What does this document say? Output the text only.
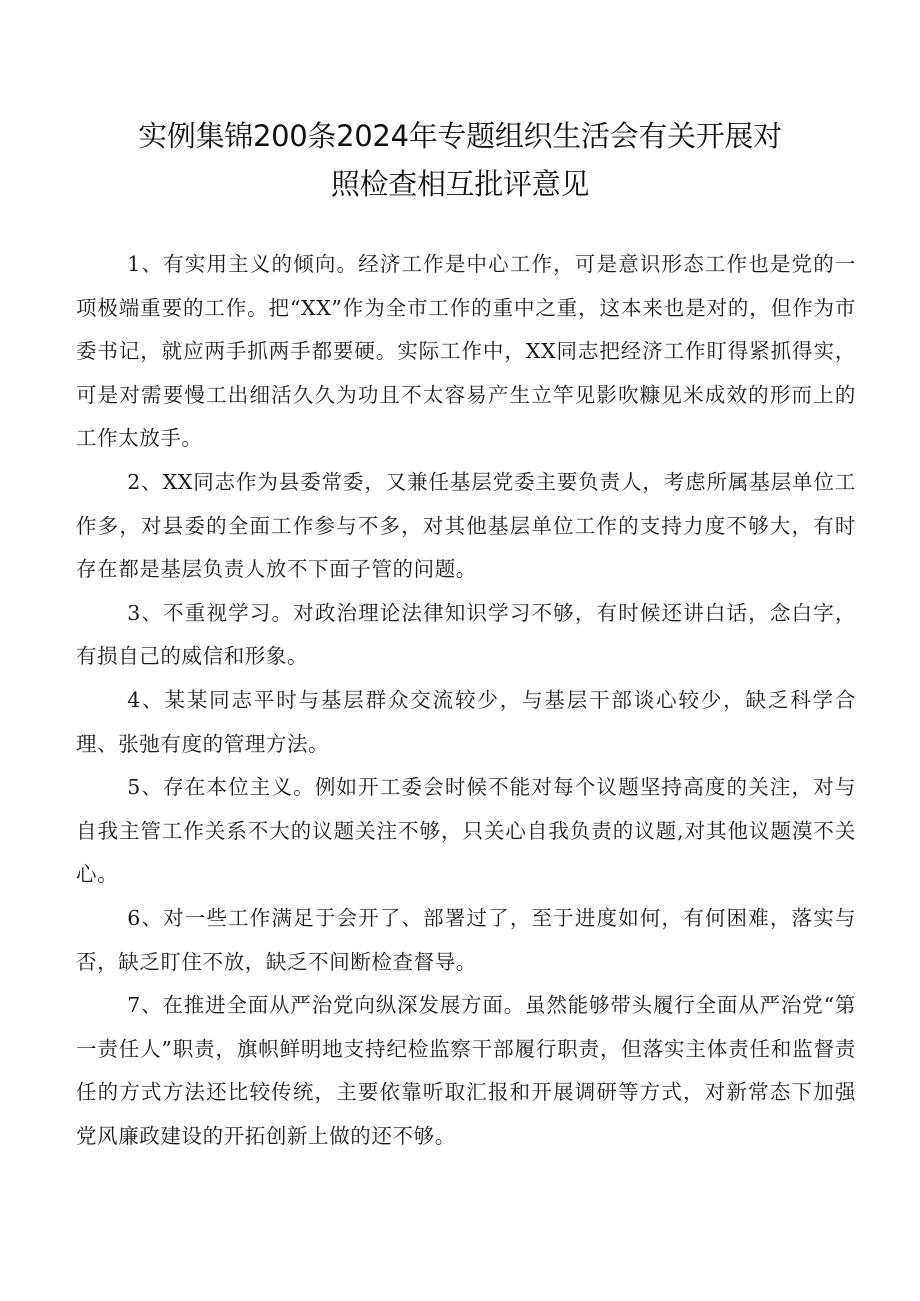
实例集锦200条2024年专题组织生活会有关开展对
照检查相互批评意见

1、有实用主义的倾向。经济工作是中心工作，可是意识形态工作也是党的一项极端重要的工作。把“XX”作为全市工作的重中之重，这本来也是对的，但作为市委书记，就应两手抓两手都要硬。实际工作中，XX同志把经济工作盯得紧抓得实，可是对需要慢工出细活久久为功且不太容易产生立竿见影吹糠见米成效的形而上的工作太放手。

2、XX同志作为县委常委，又兼任基层党委主要负责人，考虑所属基层单位工作多，对县委的全面工作参与不多，对其他基层单位工作的支持力度不够大，有时存在都是基层负责人放不下面子管的问题。

3、不重视学习。对政治理论法律知识学习不够，有时候还讲白话，念白字，有损自己的威信和形象。

4、某某同志平时与基层群众交流较少，与基层干部谈心较少，缺乏科学合理、张弛有度的管理方法。

5、存在本位主义。例如开工委会时候不能对每个议题坚持高度的关注，对与自我主管工作关系不大的议题关注不够，只关心自我负责的议题,对其他议题漠不关心。

6、对一些工作满足于会开了、部署过了，至于进度如何，有何困难，落实与否，缺乏盯住不放，缺乏不间断检查督导。

7、在推进全面从严治党向纵深发展方面。虽然能够带头履行全面从严治党“第一责任人”职责，旗帜鲜明地支持纪检监察干部履行职责，但落实主体责任和监督责任的方式方法还比较传统，主要依靠听取汇报和开展调研等方式，对新常态下加强党风廉政建设的开拓创新上做的还不够。
